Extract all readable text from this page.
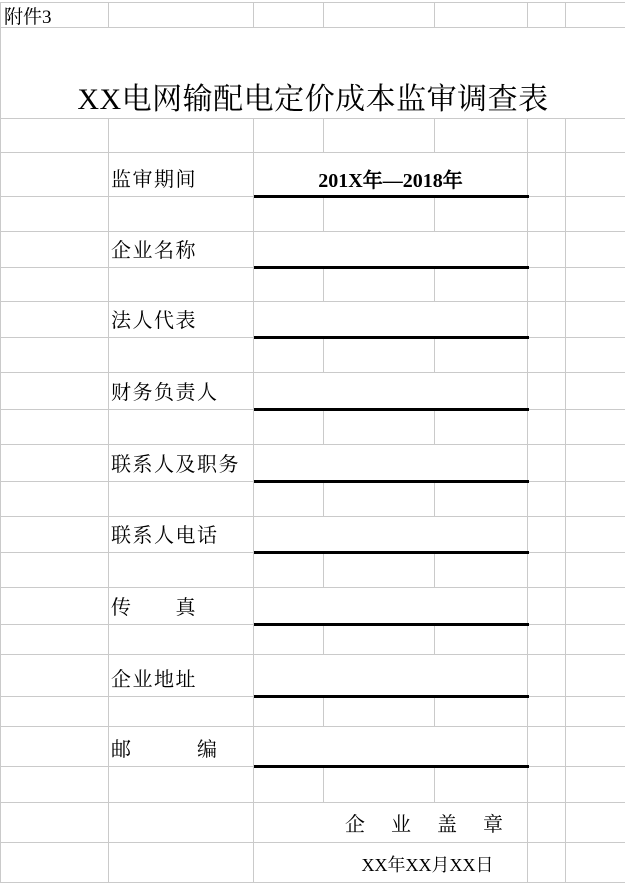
附件3
XX电网输配电定价成本监审调查表
监审期间	201X年—2018年
企业名称
法人代表
财务负责人
联系人及职务
联系人电话
传　　真
企业地址
邮　　　编
企　业　盖　章
XX年XX月XX日
